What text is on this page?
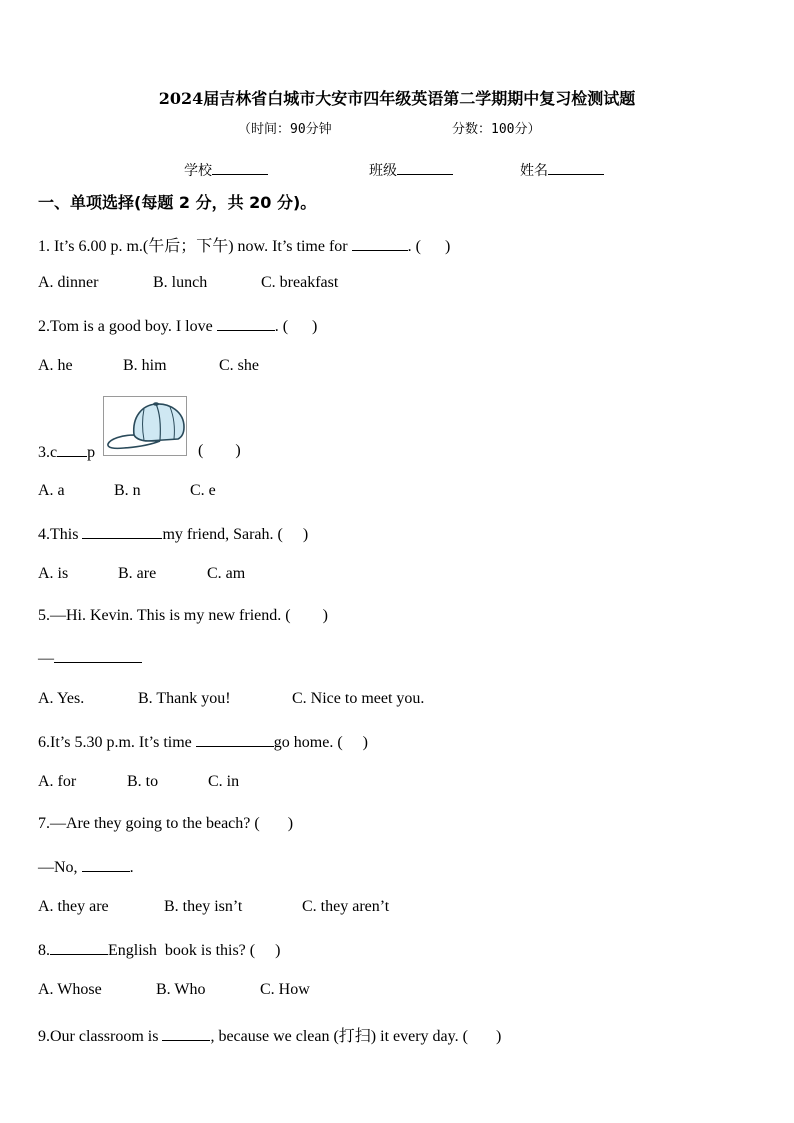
2024届吉林省白城市大安市四年级英语第二学期期中复习检测试题
（时间：90分钟	分数：100分）
学校	班级	姓名
一、单项选择(每题 2 分，共 20 分)。
1. It’s 6.00 p. m.(午后；下午) now. It’s time for	. (      )
A. dinner	B. lunch	C. breakfast
2.Tom is a good boy. I love	. (      )
A. he	B. him	C. she
3.c p	(        )
A. a	B. n	C. e
4.This	my friend, Sarah. (     )
A. is	B. are	C. am
5.—Hi. Kevin. This is my new friend. (        )
—
A. Yes.	B. Thank you!	C. Nice to meet you.
6.It’s 5.30 p.m. It’s time	go home. (     )
A. for	B. to	C. in
7.—Are they going to the beach? (       )
—No,	.
A. they are	B. they isn’t	C. they aren’t
8.	English  book is this? (     )
A. Whose	B. Who	C. How
9.Our classroom is	, because we clean (打扫) it every day. (       )
